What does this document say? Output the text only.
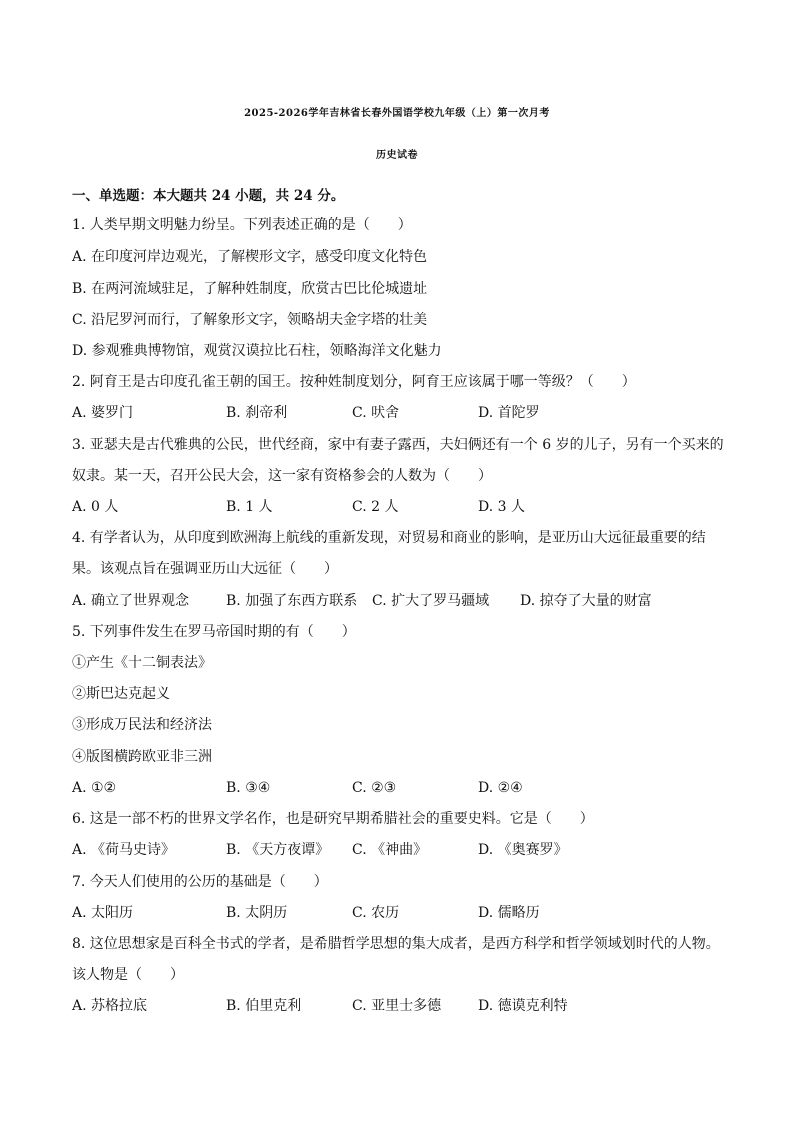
2025-2026学年吉林省长春外国语学校九年级（上）第一次月考
历史试卷
一、单选题：本大题共 24 小题，共 24 分。
1. 人类早期文明魅力纷呈。下列表述正确的是（　　）
A. 在印度河岸边观光，了解楔形文字，感受印度文化特色
B. 在两河流域驻足，了解种姓制度，欣赏古巴比伦城遗址
C. 沿尼罗河而行，了解象形文字，领略胡夫金字塔的壮美
D. 参观雅典博物馆，观赏汉谟拉比石柱，领略海洋文化魅力
2. 阿育王是古印度孔雀王朝的国王。按种姓制度划分，阿育王应该属于哪一等级？（　　）
A. 婆罗门	B. 刹帝利	C. 吠舍	D. 首陀罗
3. 亚瑟夫是古代雅典的公民，世代经商，家中有妻子露西，夫妇俩还有一个 6 岁的儿子，另有一个买来的
奴隶。某一天，召开公民大会，这一家有资格参会的人数为（　　）
A. 0 人	B. 1 人	C. 2 人	D. 3 人
4. 有学者认为，从印度到欧洲海上航线的重新发现，对贸易和商业的影响，是亚历山大远征最重要的结
果。该观点旨在强调亚历山大远征（　　）
A. 确立了世界观念	B. 加强了东西方联系 C. 扩大了罗马疆域 D. 掠夺了大量的财富
5. 下列事件发生在罗马帝国时期的有（　　）
①产生《十二铜表法》
②斯巴达克起义
③形成万民法和经济法
④版图横跨欧亚非三洲
A. ①②	B. ③④	C. ②③	D. ②④
6. 这是一部不朽的世界文学名作，也是研究早期希腊社会的重要史料。它是（　　）
A. 《荷马史诗》	B. 《天方夜谭》 C. 《神曲》	D. 《奥赛罗》
7. 今天人们使用的公历的基础是（　　）
A. 太阳历	B. 太阴历	C. 农历	D. 儒略历
8. 这位思想家是百科全书式的学者，是希腊哲学思想的集大成者，是西方科学和哲学领域划时代的人物。
该人物是（　　）
A. 苏格拉底	B. 伯里克利	C. 亚里士多德	D. 德谟克利特
